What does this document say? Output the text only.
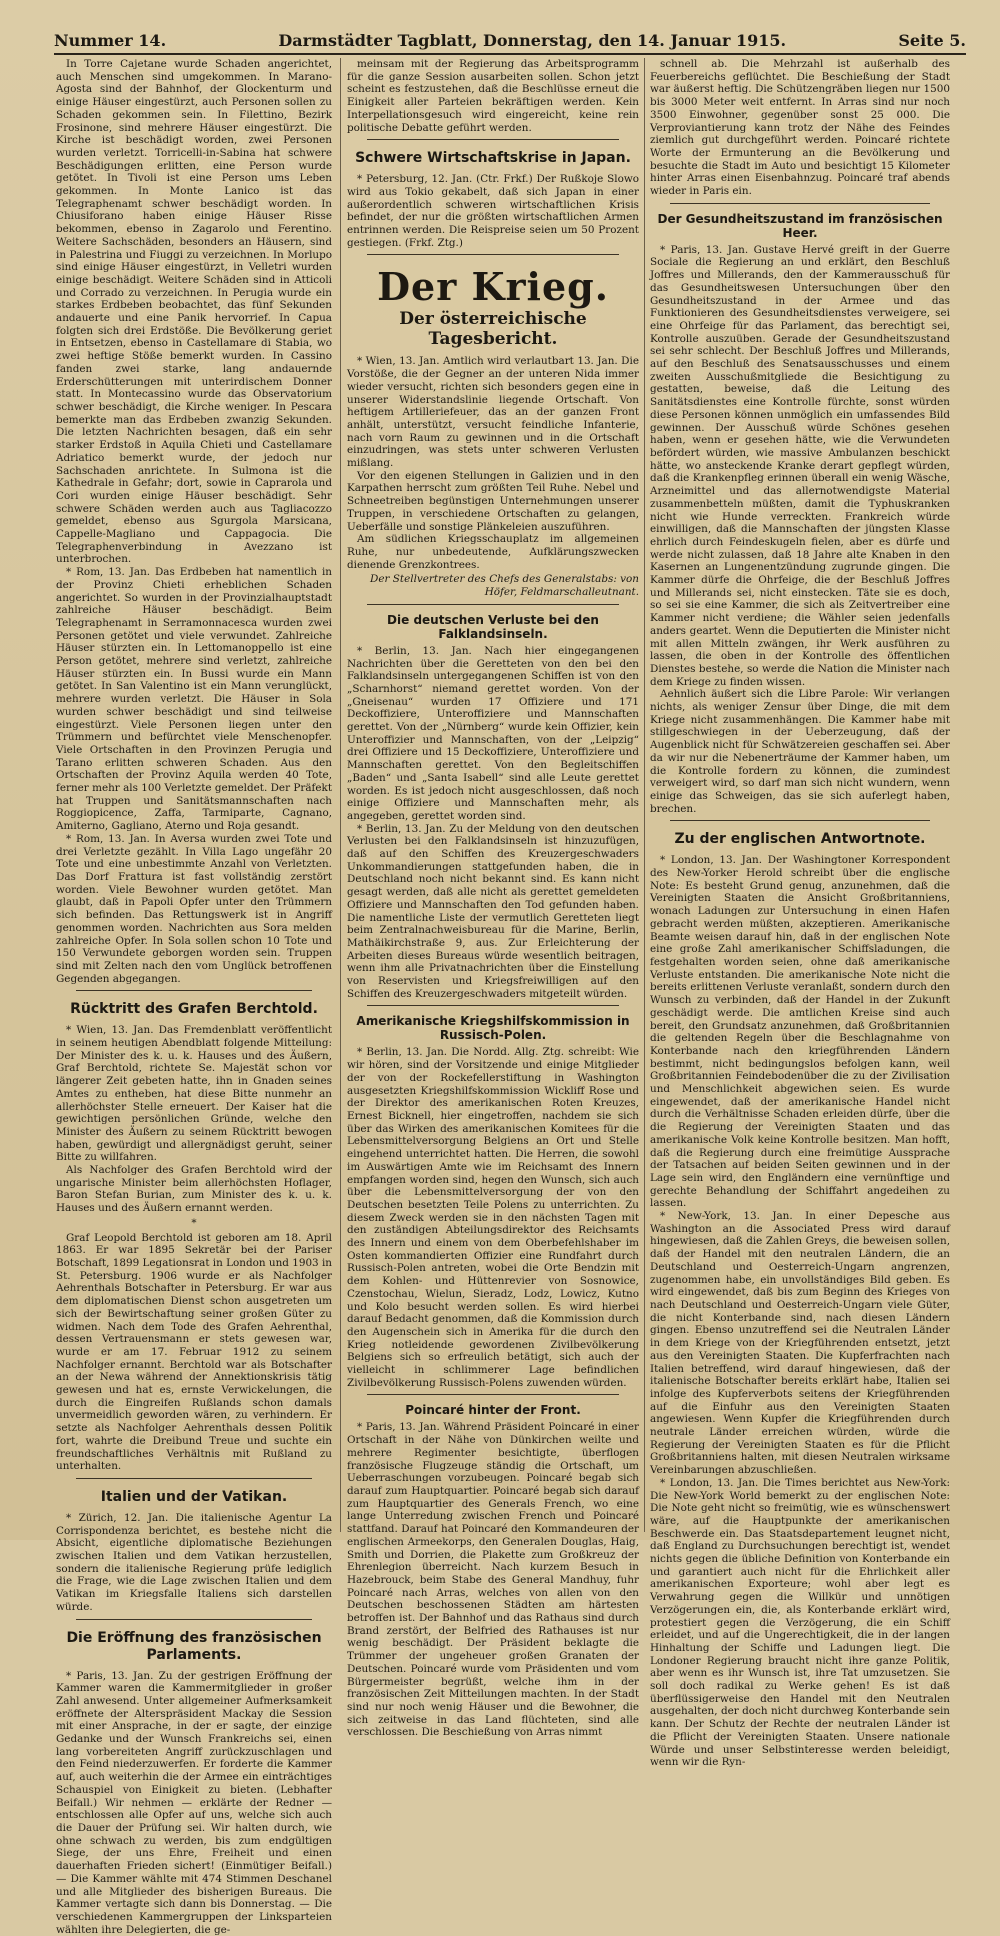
Nummer 14.	Darmstädter Tagblatt, Donnerstag, den 14. Januar 1915.	Seite 5.

In Torre Cajetane wurde Schaden angerichtet, auch Menschen sind umgekommen. In Marano-Agosta sind der Bahnhof, der Glockenturm und einige Häuser eingestürzt, auch Personen sollen zu Schaden gekommen sein. In Filettino, Bezirk Frosinone, sind mehrere Häuser eingestürzt. Die Kirche ist beschädigt worden, zwei Personen wurden verletzt. Torricelli-in-Sabina hat schwere Beschädigungen erlitten, eine Person wurde getötet. In Tivoli ist eine Person ums Leben gekommen. In Monte Lanico ist das Telegraphenamt schwer beschädigt worden. In Chiusiforano haben einige Häuser Risse bekommen, ebenso in Zagarolo und Ferentino. Weitere Sachschäden, besonders an Häusern, sind in Palestrina und Fiuggi zu verzeichnen. In Morlupo sind einige Häuser eingestürzt, in Velletri wurden einige beschädigt. Weitere Schäden sind in Atticoli und Corrado zu verzeichnen. In Perugia wurde ein starkes Erdbeben beobachtet, das fünf Sekunden andauerte und eine Panik hervorrief. In Capua folgten sich drei Erdstöße. Die Bevölkerung geriet in Entsetzen, ebenso in Castellamare di Stabia, wo zwei heftige Stöße bemerkt wurden. In Cassino fanden zwei starke, lang andauernde Erderschütterungen mit unterirdischem Donner statt. In Montecassino wurde das Observatorium schwer beschädigt, die Kirche weniger. In Pescara bemerkte man das Erdbeben zwanzig Sekunden. Die letzten Nachrichten besagen, daß ein sehr starker Erdstoß in Aquila Chieti und Castellamare Adriatico bemerkt wurde, der jedoch nur Sachschaden anrichtete. In Sulmona ist die Kathedrale in Gefahr; dort, sowie in Caprarola und Cori wurden einige Häuser beschädigt. Sehr schwere Schäden werden auch aus Tagliacozzo gemeldet, ebenso aus Sgurgola Marsicana, Cappelle-Magliano und Cappagocia. Die Telegraphenverbindung in Avezzano ist unterbrochen.

* Rom, 13. Jan. Das Erdbeben hat namentlich in der Provinz Chieti erheblichen Schaden angerichtet. So wurden in der Provinzialhauptstadt zahlreiche Häuser beschädigt. Beim Telegraphenamt in Serramonnacesca wurden zwei Personen getötet und viele verwundet. Zahlreiche Häuser stürzten ein. In Lettomanoppello ist eine Person getötet, mehrere sind verletzt, zahlreiche Häuser stürzten ein. In Bussi wurde ein Mann getötet. In San Valentino ist ein Mann verunglückt, mehrere wurden verletzt. Die Häuser in Sola wurden schwer beschädigt und sind teilweise eingestürzt. Viele Personen liegen unter den Trümmern und befürchtet viele Menschenopfer. Viele Ortschaften in den Provinzen Perugia und Tarano erlitten schweren Schaden. Aus den Ortschaften der Provinz Aquila werden 40 Tote, ferner mehr als 100 Verletzte gemeldet. Der Präfekt hat Truppen und Sanitätsmannschaften nach Roggiopicence, Zaffa, Tarmiparte, Cagnano, Amiterno, Gagliano, Aterno und Roja gesandt.

* Rom, 13. Jan. In Aversa wurden zwei Tote und drei Verletzte gezählt. In Villa Lago ungefähr 20 Tote und eine unbestimmte Anzahl von Verletzten. Das Dorf Frattura ist fast vollständig zerstört worden. Viele Bewohner wurden getötet. Man glaubt, daß in Papoli Opfer unter den Trümmern sich befinden. Das Rettungswerk ist in Angriff genommen worden. Nachrichten aus Sora melden zahlreiche Opfer. In Sola sollen schon 10 Tote und 150 Verwundete geborgen worden sein. Truppen sind mit Zelten nach den vom Unglück betroffenen Gegenden abgegangen.

Rücktritt des Grafen Berchtold.

* Wien, 13. Jan. Das Fremdenblatt veröffentlicht in seinem heutigen Abendblatt folgende Mitteilung: Der Minister des k. u. k. Hauses und des Äußern, Graf Berchtold, richtete Se. Majestät schon vor längerer Zeit gebeten hatte, ihn in Gnaden seines Amtes zu entheben, hat diese Bitte nunmehr an allerhöchster Stelle erneuert. Der Kaiser hat die gewichtigen persönlichen Gründe, welche den Minister des Äußern zu seinem Rücktritt bewogen haben, gewürdigt und allergnädigst geruht, seiner Bitte zu willfahren.

Als Nachfolger des Grafen Berchtold wird der ungarische Minister beim allerhöchsten Hoflager, Baron Stefan Burian, zum Minister des k. u. k. Hauses und des Äußern ernannt werden.

*

Graf Leopold Berchtold ist geboren am 18. April 1863. Er war 1895 Sekretär bei der Pariser Botschaft, 1899 Legationsrat in London und 1903 in St. Petersburg. 1906 wurde er als Nachfolger Aehrenthals Botschafter in Petersburg. Er war aus dem diplomatischen Dienst schon ausgetreten um sich der Bewirtschaftung seiner großen Güter zu widmen. Nach dem Tode des Grafen Aehrenthal, dessen Vertrauensmann er stets gewesen war, wurde er am 17. Februar 1912 zu seinem Nachfolger ernannt. Berchtold war als Botschafter an der Newa während der Annektionskrisis tätig gewesen und hat es, ernste Verwickelungen, die durch die Eingreifen Rußlands schon damals unvermeidlich geworden wären, zu verhindern. Er setzte als Nachfolger Aehrenthals dessen Politik fort, wahrte die Dreibund Treue und suchte ein freundschaftliches Verhältnis mit Rußland zu unterhalten.

Italien und der Vatikan.

* Zürich, 12. Jan. Die italienische Agentur La Corrispondenza berichtet, es bestehe nicht die Absicht, eigentliche diplomatische Beziehungen zwischen Italien und dem Vatikan herzustellen, sondern die italienische Regierung prüfe lediglich die Frage, wie die Lage zwischen Italien und dem Vatikan im Kriegsfalle Italiens sich darstellen würde.

Die Eröffnung des französischen Parlaments.

* Paris, 13. Jan. Zu der gestrigen Eröffnung der Kammer waren die Kammermitglieder in großer Zahl anwesend. Unter allgemeiner Aufmerksamkeit eröffnete der Alterspräsident Mackay die Session mit einer Ansprache, in der er sagte, der einzige Gedanke und der Wunsch Frankreichs sei, einen lang vorbereiteten Angriff zurückzuschlagen und den Feind niederzuwerfen. Er forderte die Kammer auf, auch weiterhin die der Armee ein einträchtiges Schauspiel von Einigkeit zu bieten. (Lebhafter Beifall.) Wir nehmen — erklärte der Redner — entschlossen alle Opfer auf uns, welche sich auch die Dauer der Prüfung sei. Wir halten durch, wie ohne schwach zu werden, bis zum endgültigen Siege, der uns Ehre, Freiheit und einen dauerhaften Frieden sichert! (Einmütiger Beifall.) — Die Kammer wählte mit 474 Stimmen Deschanel und alle Mitglieder des bisherigen Bureaus. Die Kammer vertagte sich dann bis Donnerstag. — Die verschiedenen Kammergruppen der Linksparteien wählten ihre Delegierten, die ge-

meinsam mit der Regierung das Arbeitsprogramm für die ganze Session ausarbeiten sollen. Schon jetzt scheint es festzustehen, daß die Beschlüsse erneut die Einigkeit aller Parteien bekräftigen werden. Kein Interpellationsgesuch wird eingereicht, keine rein politische Debatte geführt werden.

Schwere Wirtschaftskrise in Japan.

* Petersburg, 12. Jan. (Ctr. Frkf.) Der Rußkoje Slowo wird aus Tokio gekabelt, daß sich Japan in einer außerordentlich schweren wirtschaftlichen Krisis befindet, der nur die größten wirtschaftlichen Armen entrinnen werden. Die Reispreise seien um 50 Prozent gestiegen. (Frkf. Ztg.)

Der Krieg.
Der österreichische Tagesbericht.

* Wien, 13. Jan. Amtlich wird verlautbart 13. Jan. Die Vorstöße, die der Gegner an der unteren Nida immer wieder versucht, richten sich besonders gegen eine in unserer Widerstandslinie liegende Ortschaft. Von heftigem Artilleriefeuer, das an der ganzen Front anhält, unterstützt, versucht feindliche Infanterie, nach vorn Raum zu gewinnen und in die Ortschaft einzudringen, was stets unter schweren Verlusten mißlang.

Vor den eigenen Stellungen in Galizien und in den Karpathen herrscht zum größten Teil Ruhe. Nebel und Schneetreiben begünstigen Unternehmungen unserer Truppen, in verschiedene Ortschaften zu gelangen, Ueberfälle und sonstige Plänkeleien auszuführen.

Am südlichen Kriegsschauplatz im allgemeinen Ruhe, nur unbedeutende, Aufklärungszwecken dienende Grenzkontrees.

Der Stellvertreter des Chefs des Generalstabs: von Höfer, Feldmarschalleutnant.
Die deutschen Verluste bei den Falklandsinseln.

* Berlin, 13. Jan. Nach hier eingegangenen Nachrichten über die Geretteten von den bei den Falklandsinseln untergegangenen Schiffen ist von den „Scharnhorst“ niemand gerettet worden. Von der „Gneisenau“ wurden 17 Offiziere und 171 Deckoffiziere, Unteroffiziere und Mannschaften gerettet. Von der „Nürnberg“ wurde kein Offizier, kein Unteroffizier und Mannschaften, von der „Leipzig“ drei Offiziere und 15 Deckoffiziere, Unteroffiziere und Mannschaften gerettet. Von den Begleitschiffen „Baden“ und „Santa Isabell“ sind alle Leute gerettet worden. Es ist jedoch nicht ausgeschlossen, daß noch einige Offiziere und Mannschaften mehr, als angegeben, gerettet worden sind.

* Berlin, 13. Jan. Zu der Meldung von den deutschen Verlusten bei den Falklandsinseln ist hinzuzufügen, daß auf den Schiffen des Kreuzergeschwaders Unkommandierungen stattgefunden haben, die in Deutschland noch nicht bekannt sind. Es kann nicht gesagt werden, daß alle nicht als gerettet gemeldeten Offiziere und Mannschaften den Tod gefunden haben. Die namentliche Liste der vermutlich Geretteten liegt beim Zentralnachweisbureau für die Marine, Berlin, Mathäikirchstraße 9, aus. Zur Erleichterung der Arbeiten dieses Bureaus würde wesentlich beitragen, wenn ihm alle Privatnachrichten über die Einstellung von Reservisten und Kriegsfreiwilligen auf den Schiffen des Kreuzergeschwaders mitgeteilt würden.

Amerikanische Kriegshilfskommission in Russisch-Polen.

* Berlin, 13. Jan. Die Nordd. Allg. Ztg. schreibt: Wie wir hören, sind der Vorsitzende und einige Mitglieder der von der Rockefellerstiftung in Washington ausgesetzten Kriegshilfskommission Wickliff Rose und der Direktor des amerikanischen Roten Kreuzes, Ernest Bicknell, hier eingetroffen, nachdem sie sich über das Wirken des amerikanischen Komitees für die Lebensmittelversorgung Belgiens an Ort und Stelle eingehend unterrichtet hatten. Die Herren, die sowohl im Auswärtigen Amte wie im Reichsamt des Innern empfangen worden sind, hegen den Wunsch, sich auch über die Lebensmittelversorgung der von den Deutschen besetzten Teile Polens zu unterrichten. Zu diesem Zweck werden sie in den nächsten Tagen mit den zuständigen Abteilungsdirektor des Reichsamts des Innern und einem von dem Oberbefehlshaber im Osten kommandierten Offizier eine Rundfahrt durch Russisch-Polen antreten, wobei die Orte Bendzin mit dem Kohlen- und Hüttenrevier von Sosnowice, Czenstochau, Wielun, Sieradz, Lodz, Lowicz, Kutno und Kolo besucht werden sollen. Es wird hierbei darauf Bedacht genommen, daß die Kommission durch den Augenschein sich in Amerika für die durch den Krieg notleidende gewordenen Zivilbevölkerung Belgiens sich so erfreulich betätigt, sich auch der vielleicht in schlimmerer Lage befindlichen Zivilbevölkerung Russisch-Polens zuwenden würden.

Poincaré hinter der Front.

* Paris, 13. Jan. Während Präsident Poincaré in einer Ortschaft in der Nähe von Dünkirchen weilte und mehrere Regimenter besichtigte, überflogen französische Flugzeuge ständig die Ortschaft, um Ueberraschungen vorzubeugen. Poincaré begab sich darauf zum Hauptquartier. Poincaré begab sich darauf zum Hauptquartier des Generals French, wo eine lange Unterredung zwischen French und Poincaré stattfand. Darauf hat Poincaré den Kommandeuren der englischen Armeekorps, den Generalen Douglas, Haig, Smith und Dorrien, die Plakette zum Großkreuz der Ehrenlegion überreicht. Nach kurzem Besuch in Hazebrouck, beim Stabe des General Mandhuy, fuhr Poincaré nach Arras, welches von allen von den Deutschen beschossenen Städten am härtesten betroffen ist. Der Bahnhof und das Rathaus sind durch Brand zerstört, der Belfried des Rathauses ist nur wenig beschädigt. Der Präsident beklagte die Trümmer der ungeheuer großen Granaten der Deutschen. Poincaré wurde vom Präsidenten und vom Bürgermeister begrüßt, welche ihm in der französischen Zeit Mitteilungen machten. In der Stadt sind nur noch wenig Häuser und die Bewohner, die sich zeitweise in das Land flüchteten, sind alle verschlossen. Die Beschießung von Arras nimmt

schnell ab. Die Mehrzahl ist außerhalb des Feuerbereichs geflüchtet. Die Beschießung der Stadt war äußerst heftig. Die Schützengräben liegen nur 1500 bis 3000 Meter weit entfernt. In Arras sind nur noch 3500 Einwohner, gegenüber sonst 25 000. Die Verproviantierung kann trotz der Nähe des Feindes ziemlich gut durchgeführt werden. Poincaré richtete Worte der Ermunterung an die Bevölkerung und besuchte die Stadt im Auto und besichtigt 15 Kilometer hinter Arras einen Eisenbahnzug. Poincaré traf abends wieder in Paris ein.

Der Gesundheitszustand im französischen Heer.

* Paris, 13. Jan. Gustave Hervé greift in der Guerre Sociale die Regierung an und erklärt, den Beschluß Joffres und Millerands, den der Kammerausschuß für das Gesundheitswesen Untersuchungen über den Gesundheitszustand in der Armee und das Funktionieren des Gesundheitsdienstes verweigere, sei eine Ohrfeige für das Parlament, das berechtigt sei, Kontrolle auszuüben. Gerade der Gesundheitszustand sei sehr schlecht. Der Beschluß Joffres und Millerands, auf den Beschluß des Senatsausschusses und einem zweiten Ausschußmitgliede die Besichtigung zu gestatten, beweise, daß die Leitung des Sanitätsdienstes eine Kontrolle fürchte, sonst würden diese Personen können unmöglich ein umfassendes Bild gewinnen. Der Ausschuß würde Schönes gesehen haben, wenn er gesehen hätte, wie die Verwundeten befördert würden, wie massive Ambulanzen beschickt hätte, wo ansteckende Kranke derart gepflegt würden, daß die Krankenpfleg erinnen überall ein wenig Wäsche, Arzneimittel und das allernotwendigste Material zusammenbetteln müßten, damit die Typhuskranken nicht wie Hunde verreckten. Frankreich würde einwilligen, daß die Mannschaften der jüngsten Klasse ehrlich durch Feindeskugeln fielen, aber es dürfe und werde nicht zulassen, daß 18 Jahre alte Knaben in den Kasernen an Lungenentzündung zugrunde gingen. Die Kammer dürfe die Ohrfeige, die der Beschluß Joffres und Millerands sei, nicht einstecken. Täte sie es doch, so sei sie eine Kammer, die sich als Zeitvertreiber eine Kammer nicht verdiene; die Wähler seien jedenfalls anders geartet. Wenn die Deputierten die Minister nicht mit allen Mitteln zwängen, ihr Werk ausführen zu lassen, die oben in der Kontrolle des öffentlichen Dienstes bestehe, so werde die Nation die Minister nach dem Kriege zu finden wissen.

Aehnlich äußert sich die Libre Parole: Wir verlangen nichts, als weniger Zensur über Dinge, die mit dem Kriege nicht zusammenhängen. Die Kammer habe mit stillgeschwiegen in der Ueberzeugung, daß der Augenblick nicht für Schwätzereien geschaffen sei. Aber da wir nur die Nebenerträume der Kammer haben, um die Kontrolle fordern zu können, die zumindest verweigert wird, so darf man sich nicht wundern, wenn einige das Schweigen, das sie sich auferlegt haben, brechen.

Zu der englischen Antwortnote.

* London, 13. Jan. Der Washingtoner Korrespondent des New-Yorker Herold schreibt über die englische Note: Es besteht Grund genug, anzunehmen, daß die Vereinigten Staaten die Ansicht Großbritanniens, wonach Ladungen zur Untersuchung in einen Hafen gebracht werden müßten, akzeptieren. Amerikanische Beamte weisen darauf hin, daß in der englischen Note eine große Zahl amerikanischer Schiffsladungen, die festgehalten worden seien, ohne daß amerikanische Verluste entstanden. Die amerikanische Note nicht die bereits erlittenen Verluste veranlaßt, sondern durch den Wunsch zu verbinden, daß der Handel in der Zukunft geschädigt werde. Die amtlichen Kreise sind auch bereit, den Grundsatz anzunehmen, daß Großbritannien die geltenden Regeln über die Beschlagnahme von Konterbande nach den kriegführenden Ländern bestimmt, nicht bedingungslos befolgen kann, weil Großbritannien Feindebodenüber die zu der Zivilisation und Menschlichkeit abgewichen seien. Es wurde eingewendet, daß der amerikanische Handel nicht durch die Verhältnisse Schaden erleiden dürfe, über die die Regierung der Vereinigten Staaten und das amerikanische Volk keine Kontrolle besitzen. Man hofft, daß die Regierung durch eine freimütige Aussprache der Tatsachen auf beiden Seiten gewinnen und in der Lage sein wird, den Engländern eine vernünftige und gerechte Behandlung der Schiffahrt angedeihen zu lassen.

* New-York, 13. Jan. In einer Depesche aus Washington an die Associated Press wird darauf hingewiesen, daß die Zahlen Greys, die beweisen sollen, daß der Handel mit den neutralen Ländern, die an Deutschland und Oesterreich-Ungarn angrenzen, zugenommen habe, ein unvollständiges Bild geben. Es wird eingewendet, daß bis zum Beginn des Krieges von nach Deutschland und Oesterreich-Ungarn viele Güter, die nicht Konterbande sind, nach diesen Ländern gingen. Ebenso unzutreffend sei die Neutralen Länder in dem Kriege von der Kriegführenden entsetzt, jetzt aus den Vereinigten Staaten. Die Kupferfrachten nach Italien betreffend, wird darauf hingewiesen, daß der italienische Botschafter bereits erklärt habe, Italien sei infolge des Kupferverbots seitens der Kriegführenden auf die Einfuhr aus den Vereinigten Staaten angewiesen. Wenn Kupfer die Kriegführenden durch neutrale Länder erreichen würden, würde die Regierung der Vereinigten Staaten es für die Pflicht Großbritanniens halten, mit diesen Neutralen wirksame Vereinbarungen abzuschließen.

* London, 13. Jan. Die Times berichtet aus New-York: Die New-York World bemerkt zu der englischen Note: Die Note geht nicht so freimütig, wie es wünschenswert wäre, auf die Hauptpunkte der amerikanischen Beschwerde ein. Das Staatsdepartement leugnet nicht, daß England zu Durchsuchungen berechtigt ist, wendet nichts gegen die übliche Definition von Konterbande ein und garantiert auch nicht für die Ehrlichkeit aller amerikanischen Exporteure; wohl aber legt es Verwahrung gegen die Willkür und unnötigen Verzögerungen ein, die, als Konterbande erklärt wird, protestiert gegen die Verzögerung, die ein Schiff erleidet, und auf die Ungerechtigkeit, die in der langen Hinhaltung der Schiffe und Ladungen liegt. Die Londoner Regierung braucht nicht ihre ganze Politik, aber wenn es ihr Wunsch ist, ihre Tat umzusetzen. Sie soll doch radikal zu Werke gehen! Es ist daß überflüssigerweise den Handel mit den Neutralen ausgehalten, der doch nicht durchweg Konterbande sein kann. Der Schutz der Rechte der neutralen Länder ist die Pflicht der Vereinigten Staaten. Unsere nationale Würde und unser Selbstinteresse werden beleidigt, wenn wir die Ryn-
